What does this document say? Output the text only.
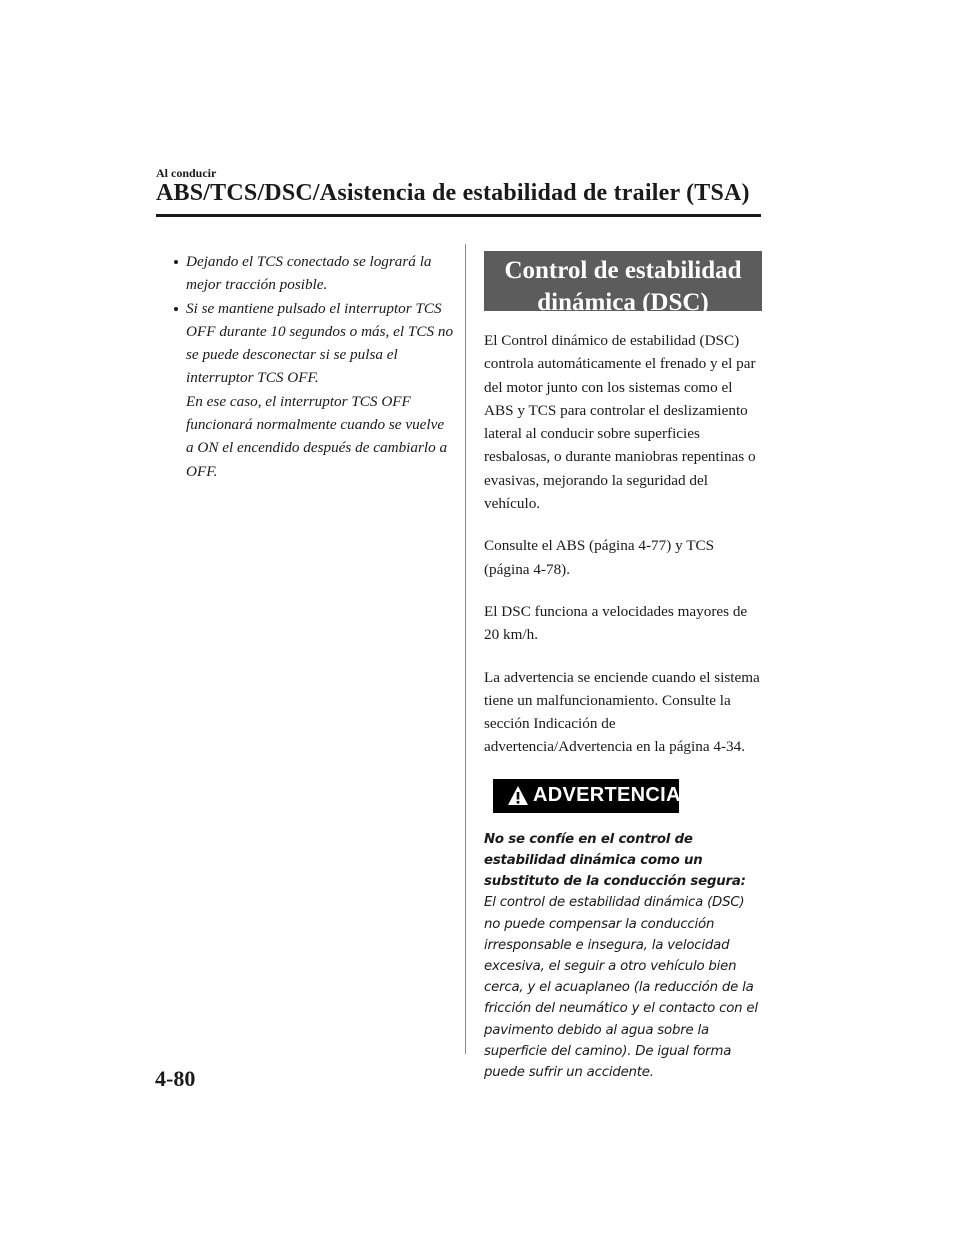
Al conducir
ABS/TCS/DSC/Asistencia de estabilidad de trailer (TSA)

Dejando el TCS conectado se logrará la mejor tracción posible.

Si se mantiene pulsado el interruptor TCS OFF durante 10 segundos o más, el TCS no se puede desconectar si se pulsa el interruptor TCS OFF.

En ese caso, el interruptor TCS OFF funcionará normalmente cuando se vuelve a ON el encendido después de cambiarlo a OFF.

Control de estabilidad dinámica (DSC)

El Control dinámico de estabilidad (DSC) controla automáticamente el frenado y el par del motor junto con los sistemas como el ABS y TCS para controlar el deslizamiento lateral al conducir sobre superficies resbalosas, o durante maniobras repentinas o evasivas, mejorando la seguridad del vehículo.

Consulte el ABS (página 4-77) y TCS (página 4-78).

El DSC funciona a velocidades mayores de 20 km/h.

La advertencia se enciende cuando el sistema tiene un malfuncionamiento. Consulte la sección Indicación de advertencia/Advertencia en la página 4-34.

ADVERTENCIA

No se confíe en el control de estabilidad dinámica como un substituto de la conducción segura:

El control de estabilidad dinámica (DSC) no puede compensar la conducción irresponsable e insegura, la velocidad excesiva, el seguir a otro vehículo bien cerca, y el acuaplaneo (la reducción de la fricción del neumático y el contacto con el pavimento debido al agua sobre la superficie del camino). De igual forma puede sufrir un accidente.

4-80
